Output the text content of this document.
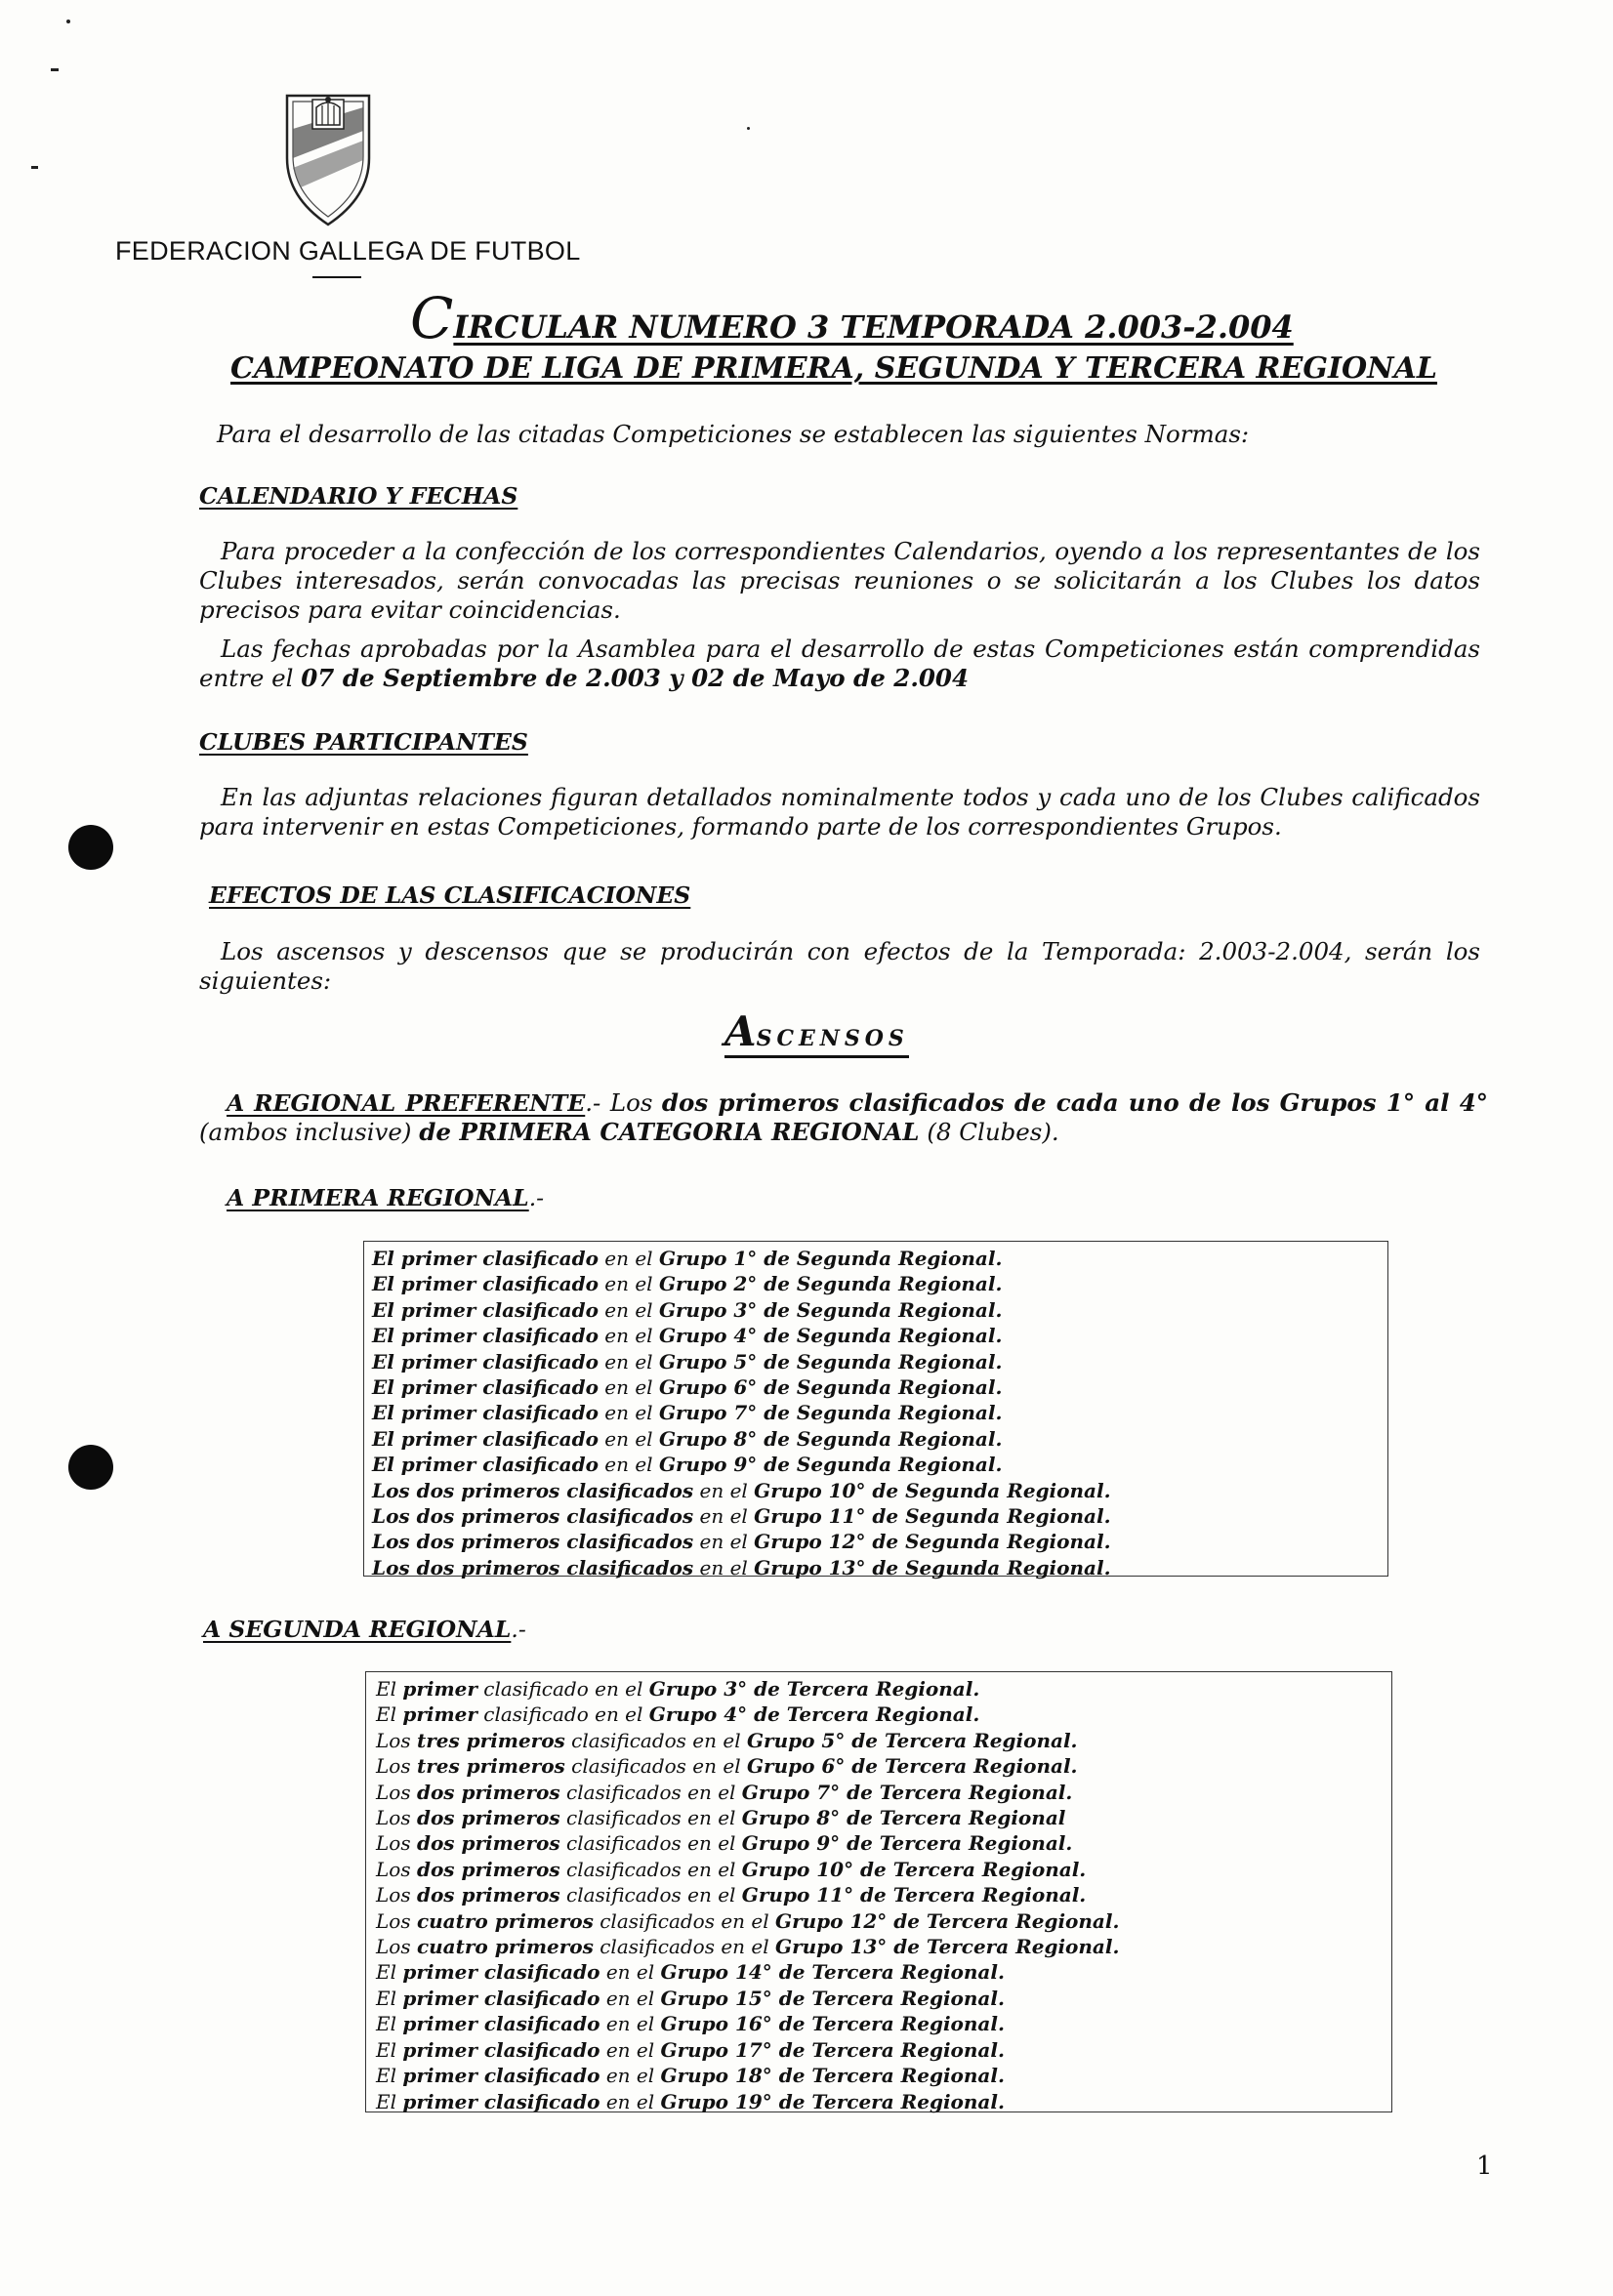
FEDERACION GALLEGA DE FUTBOL
CIRCULAR NUMERO 3 TEMPORADA 2.003-2.004
CAMPEONATO DE LIGA DE PRIMERA, SEGUNDA Y TERCERA REGIONAL
Para el desarrollo de las citadas Competiciones se establecen las siguientes Normas:
CALENDARIO Y FECHAS
Para proceder a la confección de los correspondientes Calendarios, oyendo a los representantes de los Clubes interesados, serán convocadas las precisas reuniones o se solicitarán a los Clubes los datos precisos para evitar coincidencias.
Las fechas aprobadas por la Asamblea para el desarrollo de estas Competiciones están comprendidas entre el 07 de Septiembre de 2.003 y 02 de Mayo de 2.004
CLUBES PARTICIPANTES
En las adjuntas relaciones figuran detallados nominalmente todos y cada uno de los Clubes calificados para intervenir en estas Competiciones, formando parte de los correspondientes Grupos.
EFECTOS DE LAS CLASIFICACIONES
Los ascensos y descensos que se producirán con efectos de la Temporada: 2.003-2.004, serán los siguientes:
ASCENSOS
A REGIONAL PREFERENTE.- Los dos primeros clasificados de cada uno de los Grupos 1° al 4° (ambos inclusive) de PRIMERA CATEGORIA REGIONAL (8 Clubes).
A PRIMERA REGIONAL.-
El primer clasificado en el Grupo 1° de Segunda Regional.
El primer clasificado en el Grupo 2° de Segunda Regional.
El primer clasificado en el Grupo 3° de Segunda Regional.
El primer clasificado en el Grupo 4° de Segunda Regional.
El primer clasificado en el Grupo 5° de Segunda Regional.
El primer clasificado en el Grupo 6° de Segunda Regional.
El primer clasificado en el Grupo 7° de Segunda Regional.
El primer clasificado en el Grupo 8° de Segunda Regional.
El primer clasificado en el Grupo 9° de Segunda Regional.
Los dos primeros clasificados en el Grupo 10° de Segunda Regional.
Los dos primeros clasificados en el Grupo 11° de Segunda Regional.
Los dos primeros clasificados en el Grupo 12° de Segunda Regional.
Los dos primeros clasificados en el Grupo 13° de Segunda Regional.
A SEGUNDA REGIONAL.-
El primer clasificado en el Grupo 3° de Tercera Regional.
El primer clasificado en el Grupo 4° de Tercera Regional.
Los tres primeros clasificados en el Grupo 5° de Tercera Regional.
Los tres primeros clasificados en el Grupo 6° de Tercera Regional.
Los dos primeros clasificados en el Grupo 7° de Tercera Regional.
Los dos primeros clasificados en el Grupo 8° de Tercera Regional
Los dos primeros clasificados en el Grupo 9° de Tercera Regional.
Los dos primeros clasificados en el Grupo 10° de Tercera Regional.
Los dos primeros clasificados en el Grupo 11° de Tercera Regional.
Los cuatro primeros clasificados en el Grupo 12° de Tercera Regional.
Los cuatro primeros clasificados en el Grupo 13° de Tercera Regional.
El primer clasificado en el Grupo 14° de Tercera Regional.
El primer clasificado en el Grupo 15° de Tercera Regional.
El primer clasificado en el Grupo 16° de Tercera Regional.
El primer clasificado en el Grupo 17° de Tercera Regional.
El primer clasificado en el Grupo 18° de Tercera Regional.
El primer clasificado en el Grupo 19° de Tercera Regional.
1
